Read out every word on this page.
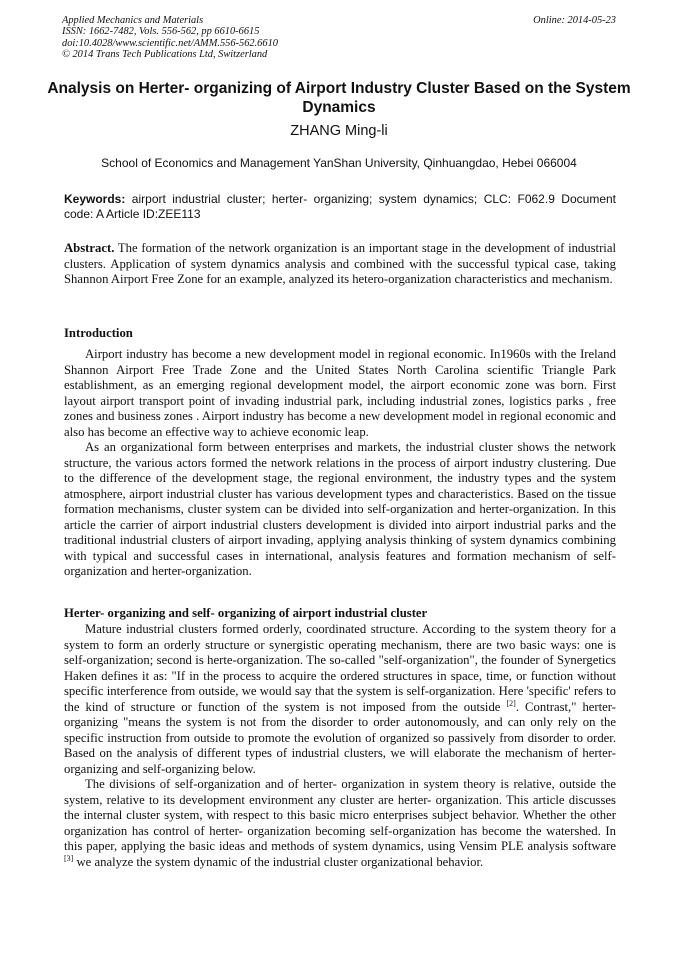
Applied Mechanics and Materials
ISSN: 1662-7482, Vols. 556-562, pp 6610-6615
doi:10.4028/www.scientific.net/AMM.556-562.6610
© 2014 Trans Tech Publications Ltd, Switzerland
Online: 2014-05-23
Analysis on Herter- organizing of Airport Industry Cluster Based on the System Dynamics
ZHANG Ming-li
School of Economics and Management YanShan University, Qinhuangdao, Hebei 066004
Keywords: airport industrial cluster; herter- organizing; system dynamics; CLC: F062.9 Document code: A Article ID:ZEE113
Abstract. The formation of the network organization is an important stage in the development of industrial clusters. Application of system dynamics analysis and combined with the successful typical case, taking Shannon Airport Free Zone for an example, analyzed its hetero-organization characteristics and mechanism.
Introduction

Airport industry has become a new development model in regional economic. In1960s with the Ireland Shannon Airport Free Trade Zone and the United States North Carolina scientific Triangle Park establishment, as an emerging regional development model, the airport economic zone was born. First layout airport transport point of invading industrial park, including industrial zones, logistics parks , free zones and business zones . Airport industry has become a new development model in regional economic and also has become an effective way to achieve economic leap.

As an organizational form between enterprises and markets, the industrial cluster shows the network structure, the various actors formed the network relations in the process of airport industry clustering. Due to the difference of the development stage, the regional environment, the industry types and the system atmosphere, airport industrial cluster has various development types and characteristics. Based on the tissue formation mechanisms, cluster system can be divided into self-organization and herter-organization. In this article the carrier of airport industrial clusters development is divided into airport industrial parks and the traditional industrial clusters of airport invading, applying analysis thinking of system dynamics combining with typical and successful cases in international, analysis features and formation mechanism of self-organization and herter-organization.

Herter- organizing and self- organizing of airport industrial cluster

Mature industrial clusters formed orderly, coordinated structure. According to the system theory for a system to form an orderly structure or synergistic operating mechanism, there are two basic ways: one is self-organization; second is herte-organization. The so-called "self-organization", the founder of Synergetics Haken defines it as: "If in the process to acquire the ordered structures in space, time, or function without specific interference from outside, we would say that the system is self-organization. Here 'specific' refers to the kind of structure or function of the system is not imposed from the outside [2]. Contrast," herter- organizing "means the system is not from the disorder to order autonomously, and can only rely on the specific instruction from outside to promote the evolution of organized so passively from disorder to order. Based on the analysis of different types of industrial clusters, we will elaborate the mechanism of herter- organizing and self-organizing below.

The divisions of self-organization and of herter- organization in system theory is relative, outside the system, relative to its development environment any cluster are herter- organization. This article discusses the internal cluster system, with respect to this basic micro enterprises subject behavior. Whether the other organization has control of herter- organization becoming self-organization has become the watershed. In this paper, applying the basic ideas and methods of system dynamics, using Vensim PLE analysis software [3] we analyze the system dynamic of the industrial cluster organizational behavior.
